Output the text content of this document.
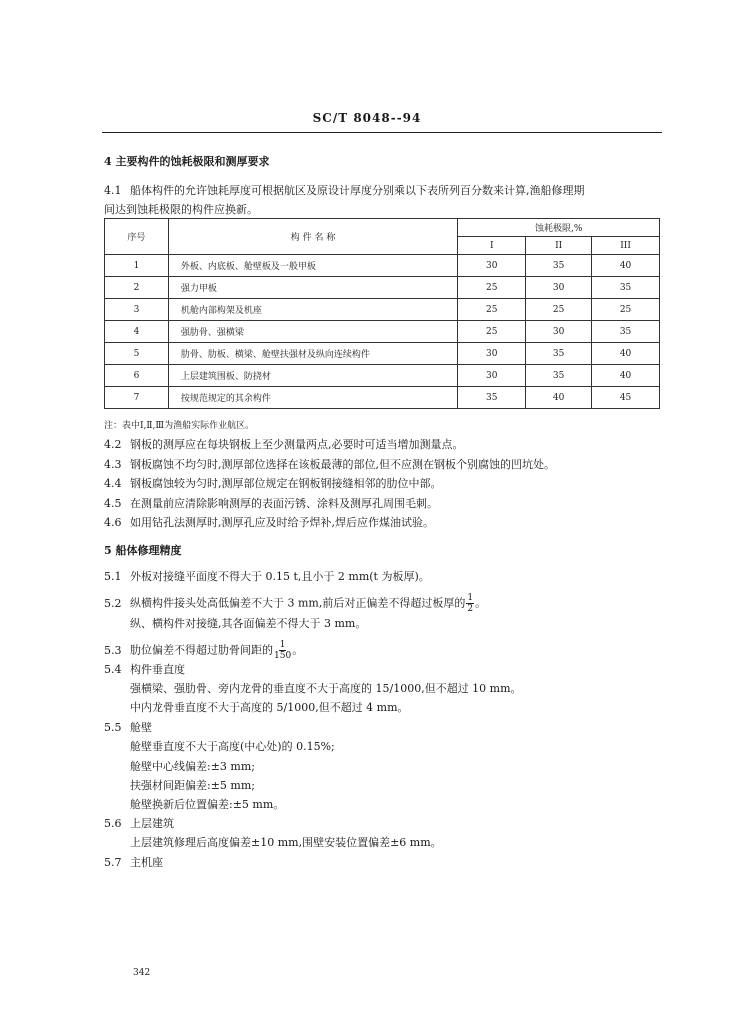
SC/T 8048--94
4 主要构件的蚀耗极限和测厚要求
4.1 船体构件的允许蚀耗厚度可根据航区及原设计厚度分别乘以下表所列百分数来计算,渔船修理期
间达到蚀耗极限的构件应换新。
序号	构 件 名 称	蚀耗极限,%		
		I	II	III
1	外板、内底板、舱壁板及一般甲板	30	35	40
2	强力甲板	25	30	35
3	机舱内部构架及机座	25	25	25
4	强肋骨、强横梁	25	30	35
5	肋骨、肋板、横梁、舱壁扶强材及纵向连续构件	30	35	40
6	上层建筑围板、防挠材	30	35	40
7	按规范规定的其余构件	35	40	45
注：表中Ⅰ,Ⅱ,Ⅲ为渔船实际作业航区。
4.2 钢板的测厚应在每块钢板上至少测量两点,必要时可适当增加测量点。
4.3 钢板腐蚀不均匀时,测厚部位选择在该板最薄的部位,但不应测在钢板个别腐蚀的凹坑处。
4.4 钢板腐蚀较为匀时,测厚部位规定在钢板钢接缝相邻的肋位中部。
4.5 在测量前应清除影响测厚的表面污锈、涂料及测厚孔周围毛刺。
4.6 如用钻孔法测厚时,测厚孔应及时给予焊补,焊后应作煤油试验。
5 船体修理精度
5.1 外板对接缝平面度不得大于 0.15 t,且小于 2 mm(t 为板厚)。
5.2 纵横构件接头处高低偏差不大于 3 mm,前后对正偏差不得超过板厚的 $\frac{1}{2}$ 。
纵、横构件对接缝,其各面偏差不得大于 3 mm。
5.3 肋位偏差不得超过肋骨间距的 $\frac{1}{150}$ 。
5.4 构件垂直度
强横梁、强肋骨、旁内龙骨的垂直度不大于高度的 15/1000,但不超过 10 mm。
中内龙骨垂直度不大于高度的 5/1000,但不超过 4 mm。
5.5 舱壁
舱壁垂直度不大于高度(中心处)的 0.15%;
舱壁中心线偏差:±3 mm;
扶强材间距偏差:±5 mm;
舱壁换新后位置偏差:±5 mm。
5.6 上层建筑
上层建筑修理后高度偏差±10 mm,围壁安装位置偏差±6 mm。
5.7 主机座
342
